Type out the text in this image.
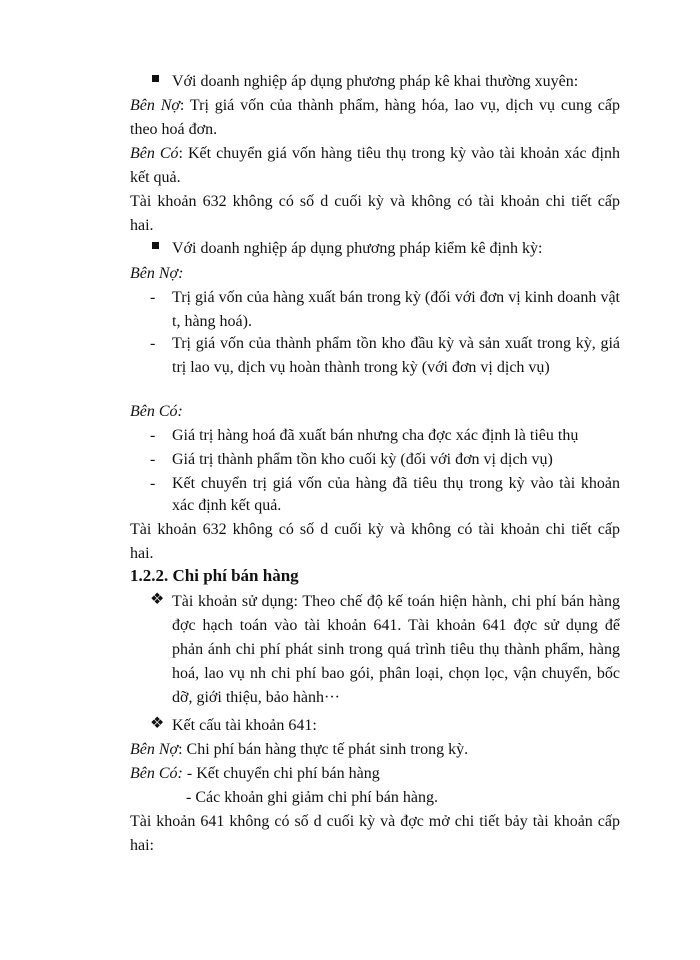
Với doanh nghiệp áp dụng phương pháp kê khai thường xuyên:
Bên Nợ: Trị giá vốn của thành phẩm, hàng hóa, lao vụ, dịch vụ cung cấp
theo hoá đơn.
Bên Có: Kết chuyển giá vốn hàng tiêu thụ trong kỳ vào tài khoản xác định
kết quả.
Tài khoản 632 không có số d cuối kỳ và không có tài khoản chi tiết cấp
hai.
Với doanh nghiệp áp dụng phương pháp kiểm kê định kỳ:
Bên Nợ:
- Trị giá vốn của hàng xuất bán trong kỳ (đối với đơn vị kinh doanh vật
t, hàng hoá).
- Trị giá vốn của thành phẩm tồn kho đầu kỳ và sản xuất trong kỳ, giá
trị lao vụ, dịch vụ hoàn thành trong kỳ (với đơn vị dịch vụ)
Bên Có:
- Giá trị hàng hoá đã xuất bán nhưng cha đợc xác định là tiêu thụ
- Giá trị thành phẩm tồn kho cuối kỳ (đối với đơn vị dịch vụ)
- Kết chuyển trị giá vốn của hàng đã tiêu thụ trong kỳ vào tài khoản
xác định kết quả.
Tài khoản 632 không có số d cuối kỳ và không có tài khoản chi tiết cấp
hai.
1.2.2. Chi phí bán hàng
❖ Tài khoản sử dụng: Theo chế độ kế toán hiện hành, chi phí bán hàng
đợc hạch toán vào tài khoản 641. Tài khoản 641 đợc sử dụng để
phản ánh chi phí phát sinh trong quá trình tiêu thụ thành phẩm, hàng
hoá, lao vụ nh chi phí bao gói, phân loại, chọn lọc, vận chuyển, bốc
dỡ, giới thiệu, bảo hành···
❖ Kết cấu tài khoản 641:
Bên Nợ: Chi phí bán hàng thực tế phát sinh trong kỳ.
Bên Có: - Kết chuyển chi phí bán hàng
- Các khoản ghi giảm chi phí bán hàng.
Tài khoản 641 không có số d cuối kỳ và đợc mở chi tiết bảy tài khoản cấp
hai:
